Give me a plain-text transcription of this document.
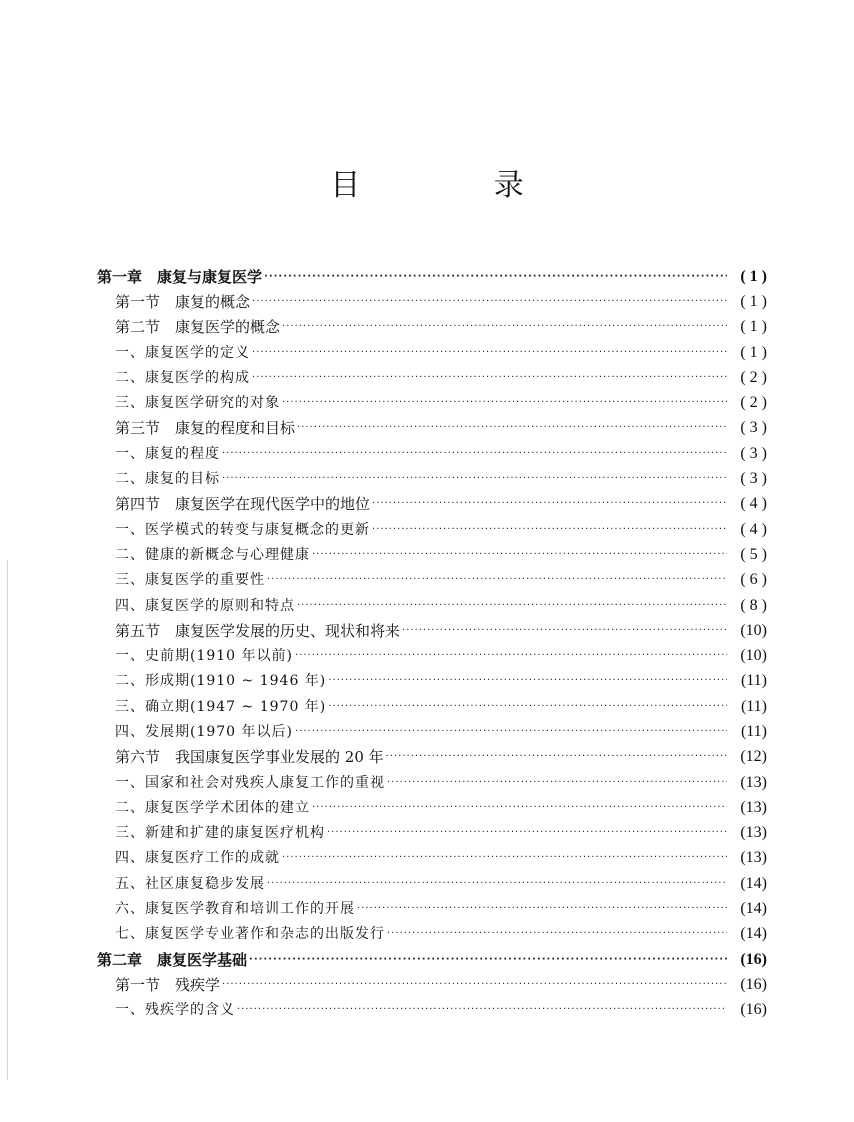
目 录
第一章　康复与康复医学 ·····	( 1 )
第一节　康复的概念 ·····	( 1 )
第二节　康复医学的概念 ·····	( 1 )
一、康复医学的定义 ·····	( 1 )
二、康复医学的构成 ·····	( 2 )
三、康复医学研究的对象 ·····	( 2 )
第三节　康复的程度和目标 ·····	( 3 )
一、康复的程度 ·····	( 3 )
二、康复的目标 ·····	( 3 )
第四节　康复医学在现代医学中的地位 ·····	( 4 )
一、医学模式的转变与康复概念的更新 ·····	( 4 )
二、健康的新概念与心理健康 ·····	( 5 )
三、康复医学的重要性 ·····	( 6 )
四、康复医学的原则和特点 ·····	( 8 )
第五节　康复医学发展的历史、现状和将来 ·····	(10)
一、史前期(1910 年以前) ·····	(10)
二、形成期(1910 ~ 1946 年) ·····	(11)
三、确立期(1947 ~ 1970 年) ·····	(11)
四、发展期(1970 年以后) ·····	(11)
第六节　我国康复医学事业发展的 20 年 ·····	(12)
一、国家和社会对残疾人康复工作的重视 ·····	(13)
二、康复医学学术团体的建立 ·····	(13)
三、新建和扩建的康复医疗机构 ·····	(13)
四、康复医疗工作的成就 ·····	(13)
五、社区康复稳步发展 ·····	(14)
六、康复医学教育和培训工作的开展 ·····	(14)
七、康复医学专业著作和杂志的出版发行 ·····	(14)
第二章　康复医学基础 ·····	(16)
第一节　残疾学 ·····	(16)
一、残疾学的含义 ·····	(16)
